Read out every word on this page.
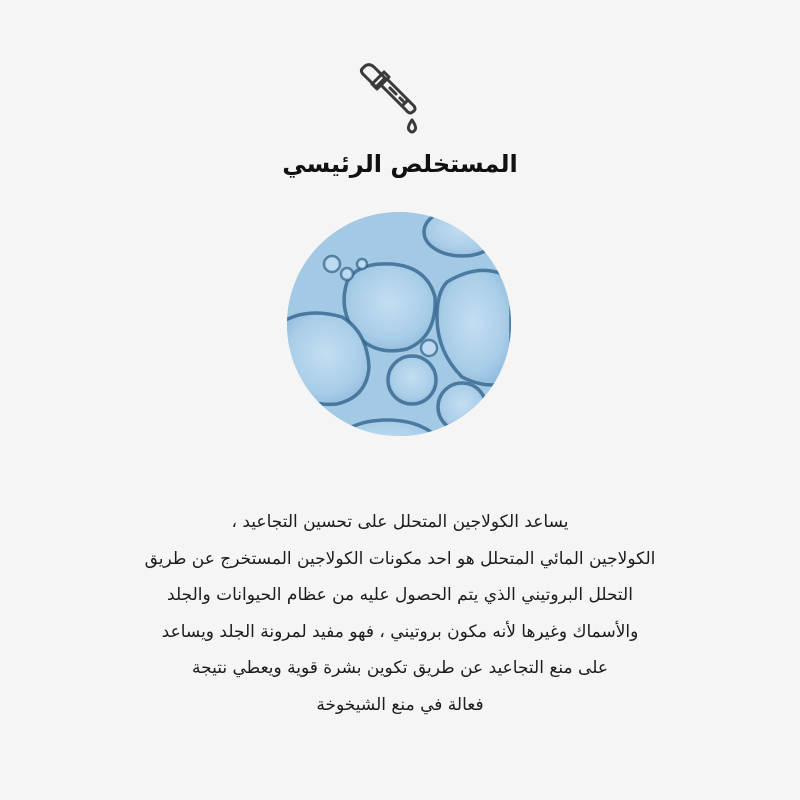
المستخلص الرئيسي
يساعد الكولاجين المتحلل على تحسين التجاعيد ،
الكولاجين المائي المتحلل هو احد مكونات الكولاجين المستخرج عن طريق
التحلل البروتيني الذي يتم الحصول عليه من عظام الحيوانات والجلد
والأسماك وغيرها لأنه مكون بروتيني ، فهو مفيد لمرونة الجلد ويساعد
على منع التجاعيد عن طريق تكوين بشرة قوية ويعطي نتيجة
فعالة في منع الشيخوخة
